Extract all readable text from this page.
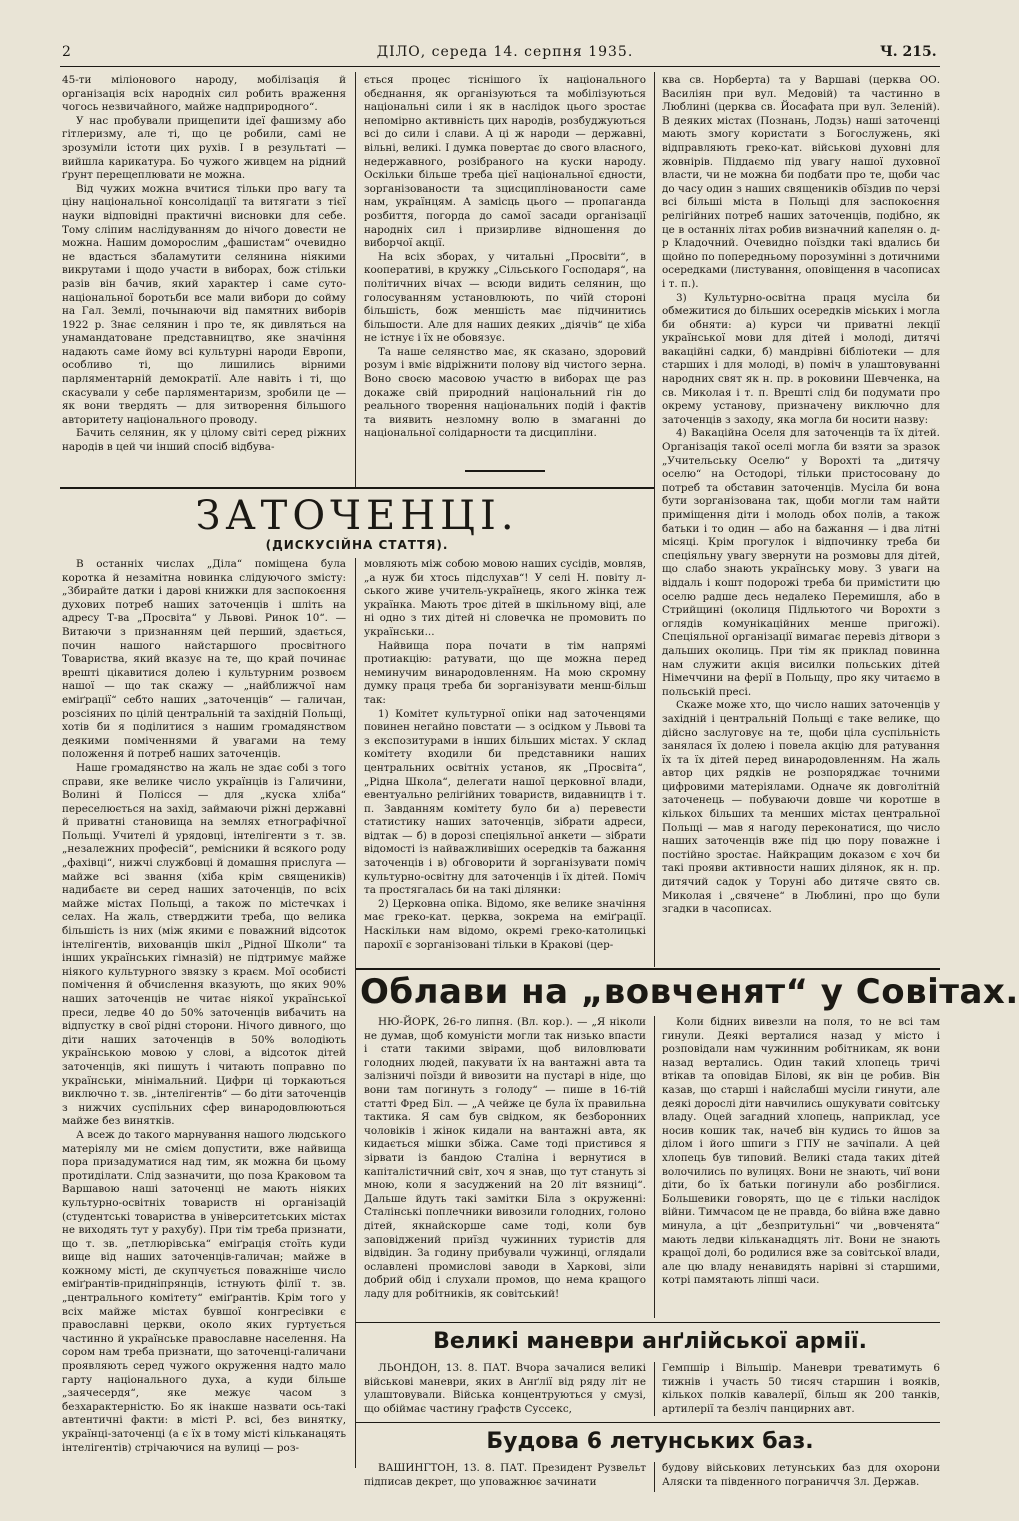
2	ДІЛО, середа 14. серпня 1935.	Ч. 215.

45-ти міліонового народу, мобілізація й організація всіх народніх сил робить враження чогось незвичайного, майже надприродного“.

У нас пробували прищепити ідеї фашизму або гітлеризму, але ті, що це робили, самі не зрозуміли істоти цих рухів. І в результаті — вийшла карикатура. Бо чужого живцем на рідний ґрунт перещеплювати не можна.

Від чужих можна вчитися тільки про вагу та ціну національної консолідації та витягати з тієї науки відповідні практичні висновки для себе. Тому сліпим наслідуванням до нічого довести не можна. Нашим доморослим „фашистам“ очевидно не вдасться збаламутити селянина ніякими викрутами і щодо участи в виборах, бож стільки разів він бачив, який характер і саме суто-національної боротьби все мали вибори до сойму на Гал. Землі, почынаючи від памятних виборів 1922 р. Знає селянин і про те, як дивляться на унамандатоване представництво, яке значіння надають саме йому всі культурні народи Европи, особливо ті, що лишились вірними парляментарній демократії. Але навіть і ті, що скасували у себе парляментаризм, зробили це — як вони твердять — для зитворення більшого авторитету національного проводу.

Бачить селянин, як у цілому світі серед ріжних народів в цей чи інший спосіб відбува-

ється процес тіснішого їх національного обєднання, як організуються та мобілізуються національні сили і як в наслідок цього зростає непомірно активність цих народів, розбуджуються всі до сили і слави. А ці ж народи — державні, вільні, великі. І думка повертає до свого власного, недержавного, розібраного на куски народу. Оскільки більше треба цієї національної єдности, зорганізованости та зцисциплінованости саме нам, українцям. А замісць цього — пропаганда розбиття, погорда до самої засади організації народніх сил і призирливе відношення до виборчої акції.

На всіх зборах, у читальні „Просвіти“, в кооперативі, в кружку „Сільського Господаря“, на політичних вічах — всюди видить селянин, що голосуванням установлюють, по чиїй стороні більшість, бож меншість має підчинитись більшости. Але для наших деяких „діячів“ це хіба не істнує і їх не обовязує.

Та наше селянство має, як сказано, здоровий розум і вміє відріжнити полову від чистого зерна. Воно своєю масовою участю в виборах ще раз докаже свій природний національний гін до реального творення національних подій і фактів та виявить незломну волю в змаганні до національної солідарности та дисципліни.

ква св. Норберта) та у Варшаві (церква ОО. Василіян при вул. Медовій) та частинно в Люблині (церква св. Йосафата при вул. Зеленій). В деяких містах (Познань, Лодзь) наші заточенці мають змогу користати з Богослужень, які відправляють греко-кат. військові духовні для жовнірів. Піддаємо під увагу нашої духовної власти, чи не можна би подбати про те, щоби час до часу один з наших священиків обїздив по черзі всі більші міста в Польщі для заспокоєння релігійних потреб наших заточенців, подібно, як це в останніх літах робив визначний капелян о. д-р Кладочний. Очевидно поїздки такі вдались би щойно по попередньому порозумінні з дотичними осередками (листування, оповіщення в часописах і т. п.).

3) Культурно-освітна праця мусіла би обмежитися до більших осередків міських і могла би обняти: а) курси чи приватні лекції української мови для дітей і молоді, дитячі вакаційні садки, б) мандрівні бібліотеки — для старших і для молоді, в) поміч в улаштовуванні народних свят як н. пр. в роковини Шевченка, на св. Миколая і т. п. Врешті слід би подумати про окрему установу, призначену виключно для заточенців з заходу, яка могла би носити назву:

4) Вакаційна Оселя для заточенців та їх дітей. Організація такої оселі могла би взяти за зразок „Учительську Оселю“ у Ворохті та „дитячу оселю“ на Остодорі, тільки пристосовану до потреб та обставин заточенців. Мусіла би вона бути зорганізована так, щоби могли там найти приміщення діти і молодь обох полів, а також батьки і то один — або на бажання — і два літні місяці. Крім прогулок і відпочинку треба би спеціяльну увагу звернути на розмовы для дітей, що слабо знають українську мову. З уваги на віддаль і кошт подорожі треба би примістити цю оселю радше десь недалеко Перемишля, або в Стрийщині (околиця Підльютого чи Ворохти з оглядів комунікаційних менше пригожі). Спеціяльної організації вимагає перевіз дітвори з дальших околиць. При тім як приклад повинна нам служити акція висилки польських дітей Німеччини на ферії в Польщу, про яку читаємо в польській пресі.

Скаже може хто, що число наших заточенців у західній і центральній Польщі є таке велике, що дійсно заслуговує на те, щоби ціла суспільність занялася їх долею і повела акцію для ратування їх та їх дітей перед винародовленням. На жаль автор цих рядків не розпоряджає точними цифровими матеріялами. Одначе як довголітній заточенець — побуваючи довше чи коротше в кількох більших та менших містах центральної Польщі — мав я нагоду переконатися, що число наших заточенців вже під цю пору поважне і постійно зростає. Найкращим доказом є хоч би такі прояви активности наших ділянок, як н. пр. дитячий садок у Торуні або дитяче свято св. Миколая і „свячене“ в Люблині, про що були згадки в часописах.

ЗАТОЧЕНЦІ.
(ДИСКУСІЙНА СТАТТЯ).

В останніх числах „Діла“ поміщена була коротка й незамітна новинка слідуючого змісту: „Збирайте датки і дарові книжки для заспокоєння духових потреб наших заточенців і шліть на адресу Т-ва „Просвіта“ у Львові. Ринок 10“. — Витаючи з признанням цей перший, здається, почин нашого найстаршого просвітного Товариства, який вказує на те, що край починає врешті цікавитися долею і культурним розвоєм нашої — що так скажу — „найближчої нам еміґрації“ себто наших „заточенців“ — галичан, розсіяних по цілій центральній та західній Польщі, хотів би я поділитися з нашим громадянством деякими поміченнями й увагами на тему положення й потреб наших заточенців.

Наше громадянство на жаль не здає собі з того справи, яке велике число українців із Галичини, Волині й Полісся — для „куска хліба“ переселюється на захід, займаючи ріжні державні й приватні становища на землях етнографічної Польщі. Учителі й урядовці, інтелігенти з т. зв. „незалежних професій“, ремісники й всякого роду „фахівці“, нижчі службовці й домашня прислуга — майже всі звання (хіба крім священиків) надибаєте ви серед наших заточенців, по всіх майже містах Польщі, а також по містечках і селах. На жаль, стверджити треба, що велика більшість із них (між якими є поважний відсоток інтелігентів, вихованців шкіл „Рідної Школи“ та інших українських гімназій) не підтримує майже ніякого культурного звязку з краєм. Мої особисті помічення й обчислення вказують, що яких 90% наших заточенців не читає ніякої української преси, ледве 40 до 50% заточенців вибачить на відпустку в свої рідні сторони. Нічого дивного, що діти наших заточенців в 50% володіють українською мовою у слові, а відсоток дітей заточенців, які пишуть і читають поправно по українськи, мінімальний. Цифри ці торкаються виключно т. зв. „інтелігентів“ — бо діти заточенців з нижчих суспільних сфер винародовлюються майже без винятків.

А всеж до такого марнування нашого людського матеріялу ми не смієм допустити, вже найвища пора призадуматися над тим, як можна би цьому протиділати. Слід зазначити, що поза Краковом та Варшавою наші заточенці не мають ніяких культурно-освітніх товариств ні організацій (студентські товариства в університетських містах не виходять тут у рахубу). При тім треба признати, що т. зв. „петлюрівська“ еміґрація стоїть куди вище від наших заточенців-галичан; майже в кожному місті, де скупчується поважніше число еміґрантів-придніпрянців, істнують філії т. зв. „центрального комітету“ еміґрантів. Крім того у всіх майже містах бувшої конгресівки є православні церкви, около яких гуртується частинно й українське православне населення. На сором нам треба признати, що заточенці-галичани проявляють серед чужого окруження надто мало гарту національного духа, а куди більше „заячесердя“, яке межує часом з безхарактерністю. Бо як інакше назвати ось-такі автентичні факти: в місті Р. всі, без винятку, українці-заточенці (а є їх в тому місті кільканацять інтелігентів) стрічаючися на вулиці — роз-

мовляють між собою мовою наших сусідів, мовляв, „а нуж би хтось підслухав“! У селі Н. повіту л-ського живе учитель-українець, якого жінка теж українка. Мають троє дітей в шкільному віці, але ні одно з тих дітей ні словечка не промовить по українськи...

Найвища пора почати в тім напрямі протиакцію: ратувати, що ще можна перед неминучим винародовленням. На мою скромну думку праця треба би зорганізувати менш-більш так:

1) Комітет культурної опіки над заточенцями повинен негайно повстати — з осідком у Львові та з експозитурами в інших більших містах. У склад комітету входили би представники наших центральних освітніх установ, як „Просвіта“, „Рідна Школа“, делегати нашої церковної влади, евентуально релігійних товариств, видавництв і т. п. Завданням комітету було би а) перевести статистику наших заточенців, зібрати адреси, відтак — б) в дорозі спеціяльної анкети — зібрати відомості із найважливіших осередків та бажання заточенців і в) обговорити й зорганізувати поміч культурно-освітну для заточенців і їх дітей. Поміч та простягалась би на такі ділянки:

2) Церковна опіка. Відомо, яке велике значіння має греко-кат. церква, зокрема на еміґрації. Наскільки нам відомо, окремі греко-католицькі парохії є зорганізовані тільки в Кракові (цер-

Облави на „вовченят“ у Совітах.

НЮ-ЙОРК, 26-го липня. (Вл. кор.). — „Я ніколи не думав, щоб комуністи могли так низько впасти і стати такими звірами, щоб виловлювати голодних людей, пакувати їх на вантажні авта та залізничі поїзди й вивозити на пустарі в ніде, що вони там погинуть з голоду“ — пише в 16-тій статті Фред Біл. — „А чейже це була їх правильна тактика. Я сам був свідком, як безборонних чоловіків і жінок кидали на вантажні авта, як кидається мішки збіжа. Саме тоді пристився я зірвати із бандою Сталіна і вернутися в капіталістичний світ, хоч я знав, що тут стануть зі мною, коли я засуджений на 20 літ вязниці“. Дальше йдуть такі замітки Біла з окруженні: Сталінські поплечники вивозили голодних, голоно дітей, якнайскорше саме тоді, коли був заповіджений приїзд чужинних туристів для відвідин. За годину прибували чужинці, оглядали ославлені промислові заводи в Харкові, зіли добрий обід і слухали промов, що нема кращого ладу для робітників, як совітський!

Коли бідних вивезли на поля, то не всі там гинули. Деякі верталися назад у місто і розповідали нам чужинним робітникам, як вони назад вертались. Один такий хлопець тричі втікав та оповідав Білові, як він це робив. Він казав, що старші і найслабші мусіли гинути, але деякі дорослі діти навчились ошукувати совітську владу. Оцей загадний хлопець, наприклад, усе носив кошик так, начеб він кудись то йшов за ділом і його шпиги з ГПУ не зачіпали. А цей хлопець був типовий. Великі стада таких дітей волочились по вулицях. Вони не знають, чиї вони діти, бо їх батьки погинули або розбіглися. Большевики говорять, що це є тільки наслідок війни. Тимчасом це не правда, бо війна вже давно минула, а ціт „безпритульні“ чи „вовченята“ мають ледви кільканадцять літ. Вони не знають кращої долі, бо родилися вже за совітської влади, але цю владу ненавидять нарівні зі старшими, котрі памятають ліпші часи.

Великі маневри анґлійської армії.

ЛЬОНДОН, 13. 8. ПАТ. Вчора зачалися великі військові маневри, яких в Анґлії від ряду літ не улаштовували. Війська концентруються у смузі, що обіймає частину ґрафств Суссекс,

Гемпшір і Вільшір. Маневри треватимуть 6 тижнів і участь 50 тисяч старшин і вояків, кількох полків кавалерії, більш як 200 танків, артилерії та безліч панцирних авт.

Будова 6 летунських баз.

ВАШИНГТОН, 13. 8. ПАТ. Президент Рузвельт підписав декрет, що уповажнює зачинати

будову військових летунських баз для охорони Аляски та південного пограниччя Зл. Держав.
